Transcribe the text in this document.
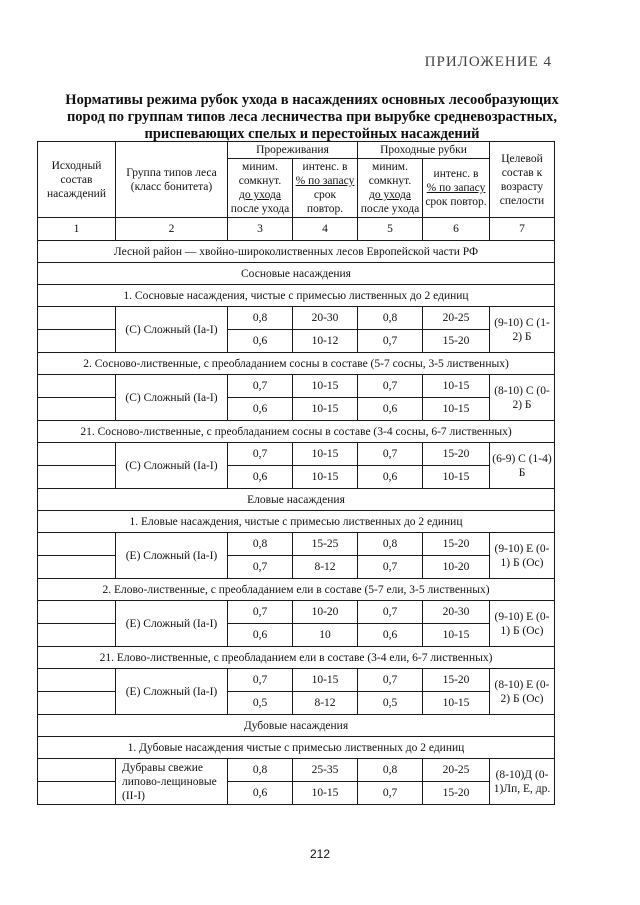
ПРИЛОЖЕНИЕ 4
Нормативы режима рубок ухода в насаждениях основных лесообразующих пород по группам типов леса лесничества при вырубке средневозрастных, приспевающих спелых и перестойных насаждений
Исходный состав насаждений	Группа типов леса (класс бонитета)	Прореживания		Проходные рубки		Целевой состав к возрасту спелости
		миним. сомкнут.
до ухода
после ухода	интенс. в
% по запасу
срок повтор.	миним. сомкнут.
до ухода
после ухода	интенс. в
% по запасу
срок повтор.	
1	2	3	4	5	6	7
Лесной район — хвойно-широколиственных лесов Европейской части РФ						
Сосновые насаждения						
1. Сосновые насаждения, чистые с примесью лиственных до 2 единиц						
	(С) Сложный (Iа-I)	0,8	20-30	0,8	20-25	(9-10) С (1-2) Б
		0,6	10-12	0,7	15-20	
2. Сосново-лиственные, с преобладанием сосны в составе (5-7 сосны, 3-5 лиственных)						
	(С) Сложный (Iа-I)	0,7	10-15	0,7	10-15	(8-10) С (0-2) Б
		0,6	10-15	0,6	10-15	
21. Сосново-лиственные, с преобладанием сосны в составе (3-4 сосны, 6-7 лиственных)						
	(С) Сложный (Iа-I)	0,7	10-15	0,7	15-20	(6-9) С (1-4) Б
		0,6	10-15	0,6	10-15	
Еловые насаждения						
1. Еловые насаждения, чистые с примесью лиственных до 2 единиц						
	(Е) Сложный (Iа-I)	0,8	15-25	0,8	15-20	(9-10) Е (0-1) Б (Ос)
		0,7	8-12	0,7	10-20	
2. Елово-лиственные, с преобладанием ели в составе (5-7 ели, 3-5 лиственных)						
	(Е) Сложный (Iа-I)	0,7	10-20	0,7	20-30	(9-10) Е (0-1) Б (Ос)
		0,6	10	0,6	10-15	
21. Елово-лиственные, с преобладанием ели в составе (3-4 ели, 6-7 лиственных)						
	(Е) Сложный (Iа-I)	0,7	10-15	0,7	15-20	(8-10) Е (0-2) Б (Ос)
		0,5	8-12	0,5	10-15	
Дубовые насаждения						
1. Дубовые насаждения чистые с примесью лиственных до 2 единиц						
	Дубравы свежие липово-лещиновые (II-I)	0,8	25-35	0,8	20-25	(8-10)Д (0-1)Лп, Е, др.
		0,6	10-15	0,7	15-20	
212
